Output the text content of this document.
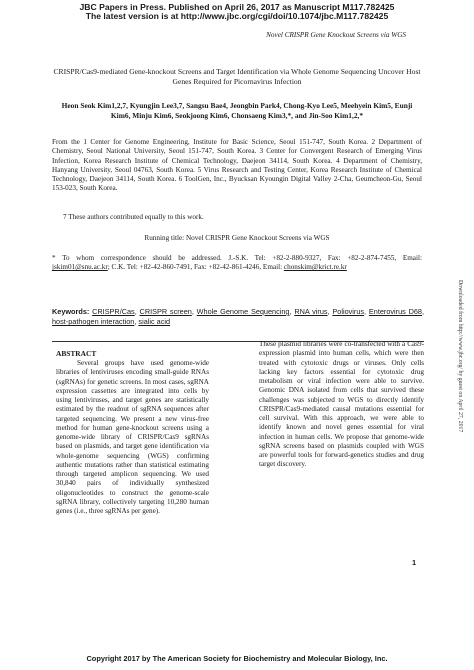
JBC Papers in Press. Published on April 26, 2017 as Manuscript M117.782425
The latest version is at http://www.jbc.org/cgi/doi/10.1074/jbc.M117.782425
Novel CRISPR Gene Knockout Screens via WGS
CRISPR/Cas9-mediated Gene-knockout Screens and Target Identification via Whole Genome Sequencing Uncover Host Genes Required for Picornavirus Infection
Heon Seok Kim1,2,7, Kyungjin Lee3,7, Sangsu Bae4, Jeongbin Park4, Chong-Kyo Lee5, Meehyein Kim5, Eunji Kim6, Minju Kim6, Seokjoong Kim6, Chonsaeng Kim3,*, and Jin-Soo Kim1,2,*
From the 1 Center for Genome Engineering, Institute for Basic Science, Seoul 151-747, South Korea. 2 Department of Chemistry, Seoul National University, Seoul 151-747, South Korea. 3 Center for Convergent Research of Emerging Virus Infection, Korea Research Institute of Chemical Technology, Daejeon 34114, South Korea. 4 Department of Chemistry, Hanyang University, Seoul 04763, South Korea. 5 Virus Research and Testing Center, Korea Research Institute of Chemical Technology, Daejeon 34114, South Korea. 6 ToolGen, Inc., Byucksan Kyoungin Digital Valley 2-Cha, Geumcheon-Gu, Seoul 153-023, South Korea.
7 These authors contributed equally to this work.
Running title: Novel CRISPR Gene Knockout Screens via WGS
* To whom correspondence should be addressed. J.-S.K. Tel: +82-2-880-9327, Fax: +82-2-874-7455, Email: jskim01@snu.ac.kr; C.K. Tel: +82-42-860-7491, Fax: +82-42-861-4246, Email: chonskim@krict.re.kr
Keywords: CRISPR/Cas, CRISPR screen, Whole Genome Sequencing, RNA virus, Poliovirus, Enterovirus D68, host-pathogen interaction, sialic acid
ABSTRACT

Several groups have used genome-wide libraries of lentiviruses encoding small-guide RNAs (sgRNAs) for genetic screens. In most cases, sgRNA expression cassettes are integrated into cells by using lentiviruses, and target genes are statistically estimated by the readout of sgRNA sequences after targeted sequencing. We present a new virus-free method for human gene-knockout screens using a genome-wide library of CRISPR/Cas9 sgRNAs based on plasmids, and target gene identification via whole-genome sequencing (WGS) confirming authentic mutations rather than statistical estimating through targeted amplicon sequencing. We used 30,840 pairs of individually synthesized oligonucleotides to construct the genome-scale sgRNA library, collectively targeting 10,280 human genes (i.e., three sgRNAs per gene).

These plasmid libraries were co-transfected with a Cas9-expression plasmid into human cells, which were then treated with cytotoxic drugs or viruses. Only cells lacking key factors essential for cytotoxic drug metabolism or viral infection were able to survive. Genomic DNA isolated from cells that survived these challenges was subjected to WGS to directly identify CRISPR/Cas9-mediated causal mutations essential for cell survival. With this approach, we were able to identify known and novel genes essential for viral infection in human cells. We propose that genome-wide sgRNA screens based on plasmids coupled with WGS are powerful tools for forward-genetics studies and drug target discovery.

Downloaded from http://www.jbc.org/ by guest on April 27, 2017
1
Copyright 2017 by The American Society for Biochemistry and Molecular Biology, Inc.
